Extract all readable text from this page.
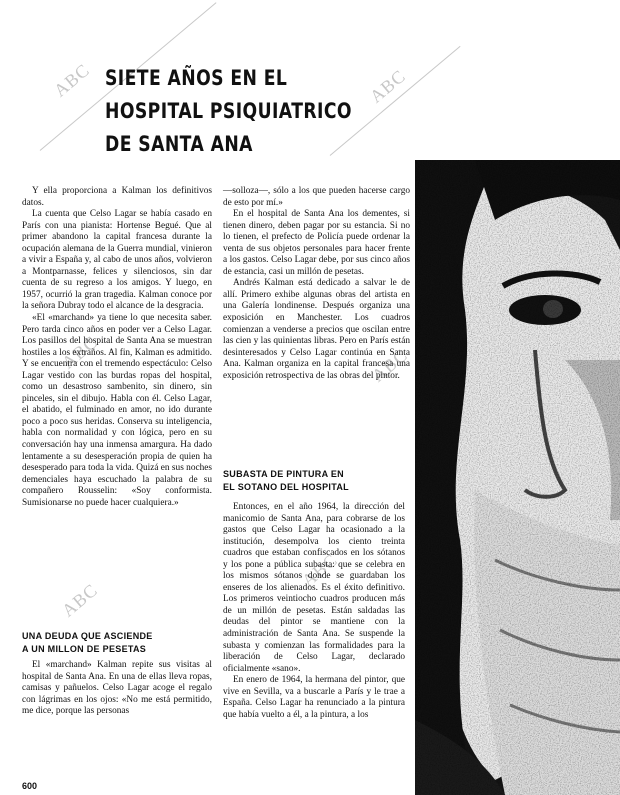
ABC	ABC
ABC	ABC
ABC
ABC
SIETE AÑOS EN EL
HOSPITAL PSIQUIATRICO
DE SANTA ANA

Y ella proporciona a Kalman los definitivos datos.

La cuenta que Celso Lagar se había casado en París con una pianista: Hortense Begué. Que al primer abandono la capital francesa durante la ocupación alemana de la Guerra mundial, vinieron a vivir a España y, al cabo de unos años, volvieron a Montparnasse, felices y silenciosos, sin dar cuenta de su regreso a los amigos. Y luego, en 1957, ocurrió la gran tragedia. Kalman conoce por la señora Dubray todo el alcance de la desgracia.

«El «marchand» ya tiene lo que necesita saber. Pero tarda cinco años en poder ver a Celso Lagar. Los pasillos del hospital de Santa Ana se muestran hostiles a los extraños. Al fin, Kalman es admitido. Y se encuentra con el tremendo espectáculo: Celso Lagar vestido con las burdas ropas del hospital, como un desastroso sambenito, sin dinero, sin pinceles, sin el dibujo. Habla con él. Celso Lagar, el abatido, el fulminado en amor, no ido durante poco a poco sus heridas. Conserva su inteligencia, habla con normalidad y con lógica, pero en su conversación hay una inmensa amargura. Ha dado lentamente a su desesperación propia de quien ha desesperado para toda la vida. Quizá en sus noches demenciales haya escuchado la palabra de su compañero Rousselin: «Soy conformista. Sumisionarse no puede hacer cualquiera.»

UNA DEUDA QUE ASCIENDE
A UN MILLON DE PESETAS

El «marchand» Kalman repite sus visitas al hospital de Santa Ana. En una de ellas lleva ropas, camisas y pañuelos. Celso Lagar acoge el regalo con lágrimas en los ojos: «No me está permitido, me dice, porque las personas

—solloza—, sólo a los que pueden hacerse cargo de esto por mí.»

En el hospital de Santa Ana los dementes, si tienen dinero, deben pagar por su estancia. Si no lo tienen, el prefecto de Policía puede ordenar la venta de sus objetos personales para hacer frente a los gastos. Celso Lagar debe, por sus cinco años de estancia, casi un millón de pesetas.

Andrés Kalman está dedicado a salvar le de allí. Primero exhibe algunas obras del artista en una Galería londinense. Después organiza una exposición en Manchester. Los cuadros comienzan a venderse a precios que oscilan entre las cien y las quinientas libras. Pero en París están desinteresados y Celso Lagar continúa en Santa Ana. Kalman organiza en la capital francesa una exposición retrospectiva de las obras del pintor.

SUBASTA DE PINTURA EN
EL SOTANO DEL HOSPITAL

Entonces, en el año 1964, la dirección del manicomio de Santa Ana, para cobrarse de los gastos que Celso Lagar ha ocasionado a la institución, desempolva los ciento treinta cuadros que estaban confiscados en los sótanos y los pone a pública subasta: que se celebra en los mismos sótanos donde se guardaban los enseres de los alienados. Es el éxito definitivo. Los primeros veintiocho cuadros producen más de un millón de pesetas. Están saldadas las deudas del pintor se mantiene con la administración de Santa Ana. Se suspende la subasta y comienzan las formalidades para la liberación de Celso Lagar, declarado oficialmente «sano».

En enero de 1964, la hermana del pintor, que vive en Sevilla, va a buscarle a París y le trae a España. Celso Lagar ha renunciado a la pintura que había vuelto a él, a la pintura, a los

600
